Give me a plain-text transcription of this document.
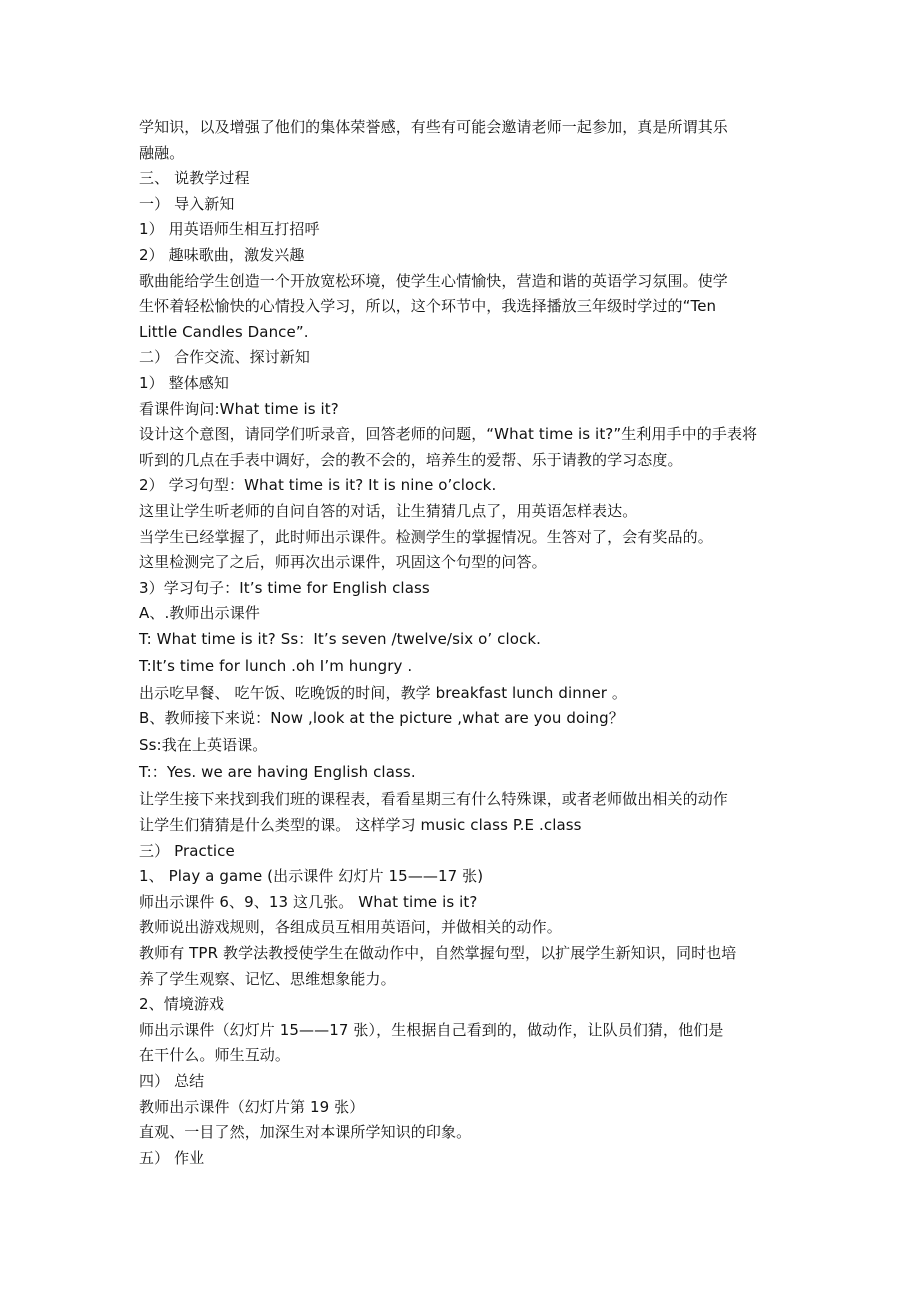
学知识，以及增强了他们的集体荣誉感，有些有可能会邀请老师一起参加，真是所谓其乐

融融。

三、 说教学过程

一） 导入新知

1） 用英语师生相互打招呼

2） 趣味歌曲，激发兴趣

歌曲能给学生创造一个开放宽松环境，使学生心情愉快，营造和谐的英语学习氛围。使学

生怀着轻松愉快的心情投入学习，所以，这个环节中，我选择播放三年级时学过的“Ten

Little Candles Dance”.

二） 合作交流、探讨新知

1） 整体感知

看课件询问:What time is it?

设计这个意图，请同学们听录音，回答老师的问题，“What time is it?”生利用手中的手表将

听到的几点在手表中调好，会的教不会的，培养生的爱帮、乐于请教的学习态度。

2） 学习句型：What time is it? It is nine o’clock.

这里让学生听老师的自问自答的对话，让生猜猜几点了，用英语怎样表达。

当学生已经掌握了，此时师出示课件。检测学生的掌握情况。生答对了，会有奖品的。

这里检测完了之后，师再次出示课件，巩固这个句型的问答。

3）学习句子：It’s time for English class

A、.教师出示课件

T: What time is it? Ss：It’s seven /twelve/six o’ clock.

T:It’s time for lunch .oh I’m hungry .

出示吃早餐、 吃午饭、吃晚饭的时间，教学 breakfast lunch dinner 。

B、教师接下来说：Now ,look at the picture ,what are you doing？

Ss:我在上英语课。

T:：Yes. we are having English class.

让学生接下来找到我们班的课程表，看看星期三有什么特殊课，或者老师做出相关的动作

让学生们猜猜是什么类型的课。 这样学习 music class P.E .class

三） Practice

1、 Play a game (出示课件 幻灯片 15——17 张)

师出示课件 6、9、13 这几张。 What time is it?

教师说出游戏规则，各组成员互相用英语问，并做相关的动作。

教师有 TPR 教学法教授使学生在做动作中，自然掌握句型，以扩展学生新知识，同时也培

养了学生观察、记忆、思维想象能力。

2、情境游戏

师出示课件（幻灯片 15——17 张），生根据自己看到的，做动作，让队员们猜，他们是

在干什么。师生互动。

四） 总结

教师出示课件（幻灯片第 19 张）

直观、一目了然，加深生对本课所学知识的印象。

五） 作业
